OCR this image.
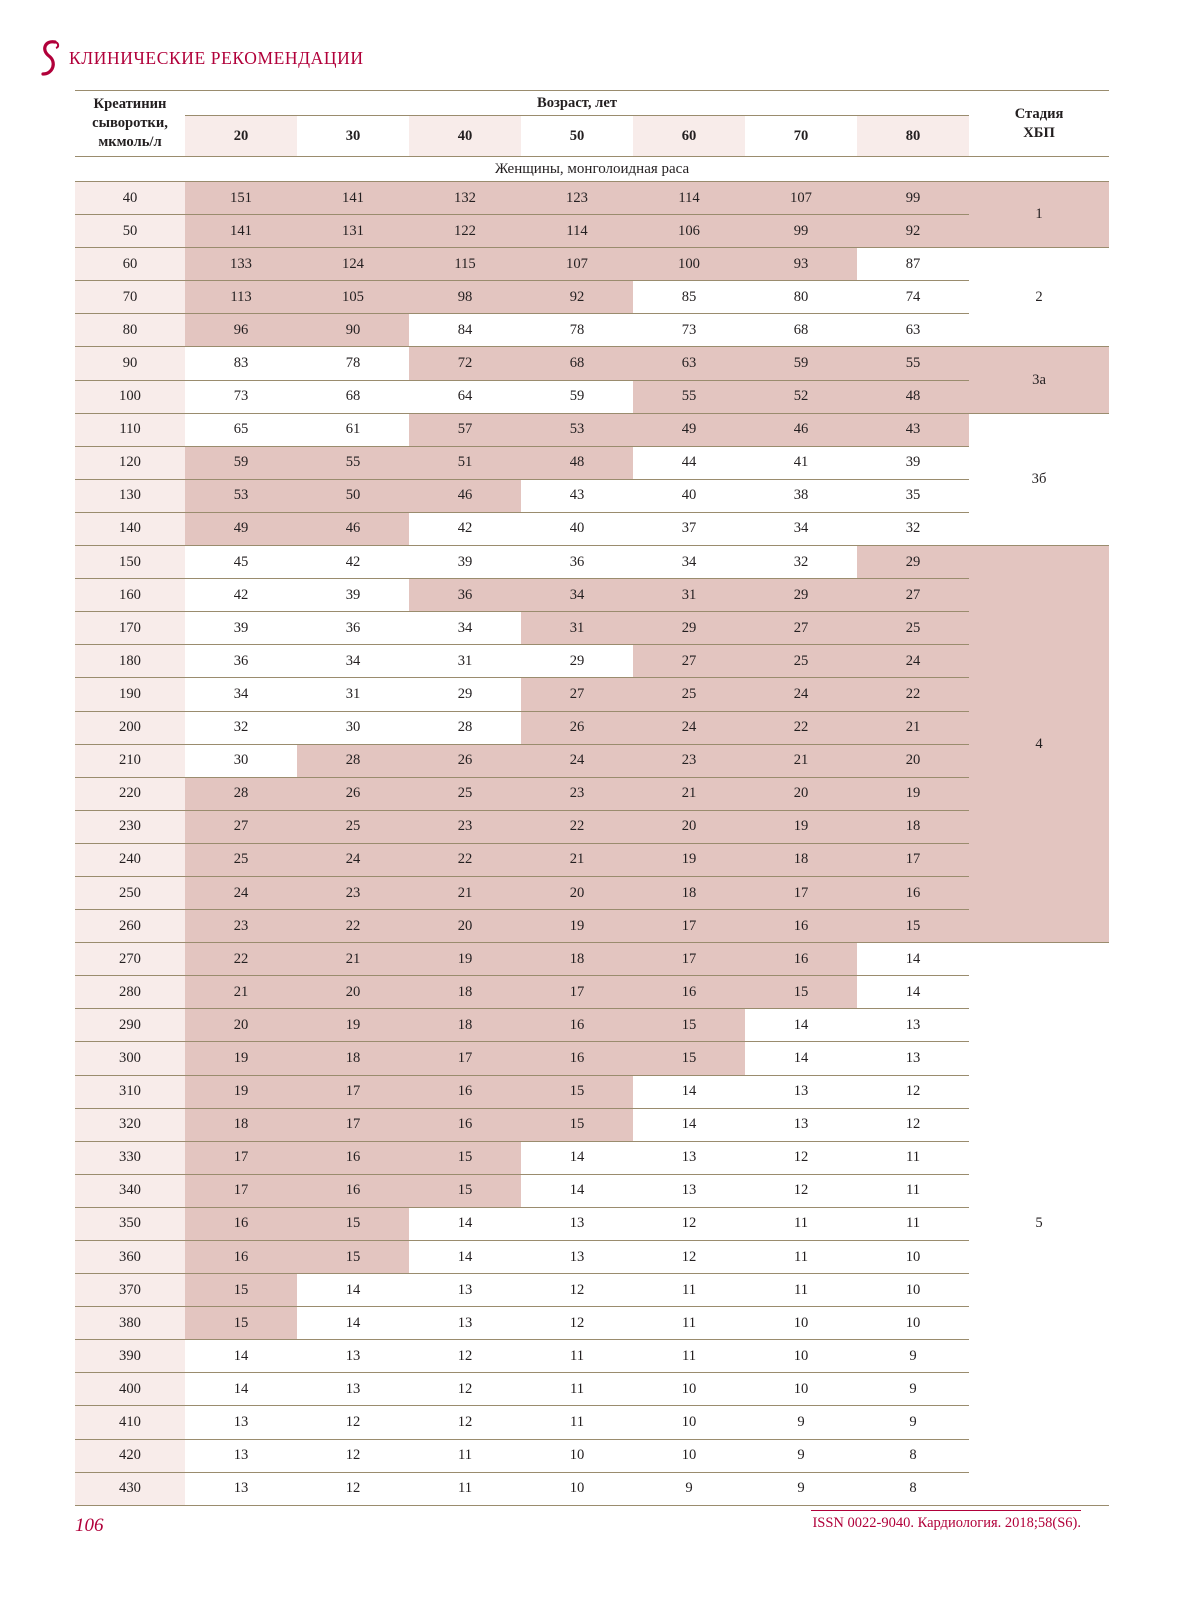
КЛИНИЧЕСКИЕ РЕКОМЕНДАЦИИ
Креатинин
сыворотки,
мкмоль/л	Возраст, лет							Стадия
ХБП
	20	30	40	50	60	70	80	
Женщины, монголоидная раса								
40	151	141	132	123	114	107	99	1
50	141	131	122	114	106	99	92	
60	133	124	115	107	100	93	87	2
70	113	105	98	92	85	80	74	
80	96	90	84	78	73	68	63	
90	83	78	72	68	63	59	55	3а
100	73	68	64	59	55	52	48	
110	65	61	57	53	49	46	43	3б
120	59	55	51	48	44	41	39	
130	53	50	46	43	40	38	35	
140	49	46	42	40	37	34	32	
150	45	42	39	36	34	32	29	4
160	42	39	36	34	31	29	27	
170	39	36	34	31	29	27	25	
180	36	34	31	29	27	25	24	
190	34	31	29	27	25	24	22	
200	32	30	28	26	24	22	21	
210	30	28	26	24	23	21	20	
220	28	26	25	23	21	20	19	
230	27	25	23	22	20	19	18	
240	25	24	22	21	19	18	17	
250	24	23	21	20	18	17	16	
260	23	22	20	19	17	16	15	
270	22	21	19	18	17	16	14	5
280	21	20	18	17	16	15	14	
290	20	19	18	16	15	14	13	
300	19	18	17	16	15	14	13	
310	19	17	16	15	14	13	12	
320	18	17	16	15	14	13	12	
330	17	16	15	14	13	12	11	
340	17	16	15	14	13	12	11	
350	16	15	14	13	12	11	11	
360	16	15	14	13	12	11	10	
370	15	14	13	12	11	11	10	
380	15	14	13	12	11	10	10	
390	14	13	12	11	11	10	9	
400	14	13	12	11	10	10	9	
410	13	12	12	11	10	9	9	
420	13	12	11	10	10	9	8	
430	13	12	11	10	9	9	8	
106	ISSN 0022-9040. Кардиология. 2018;58(S6).
